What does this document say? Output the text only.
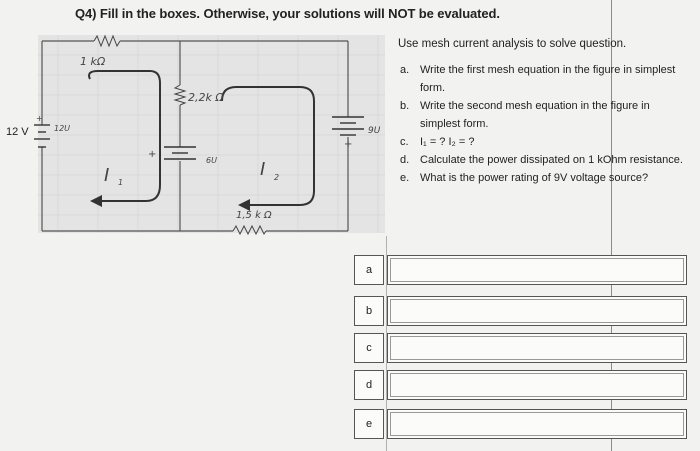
Q4) Fill in the boxes. Otherwise, your solutions will NOT be evaluated.
12 V
1 kΩ
2,2k Ω
1,5 k Ω
12U
6U
9U
I 1
I 2
+
+
+
Use mesh current analysis to solve question.
a. Write the first mesh equation in the figure in simplest form.
b. Write the second mesh equation in the figure in simplest form.
c.	I₁ = ? I₂ = ?
d. Calculate the power dissipated on 1 kOhm resistance.
e. What is the power rating of 9V voltage source?
a
b
c
d
e
